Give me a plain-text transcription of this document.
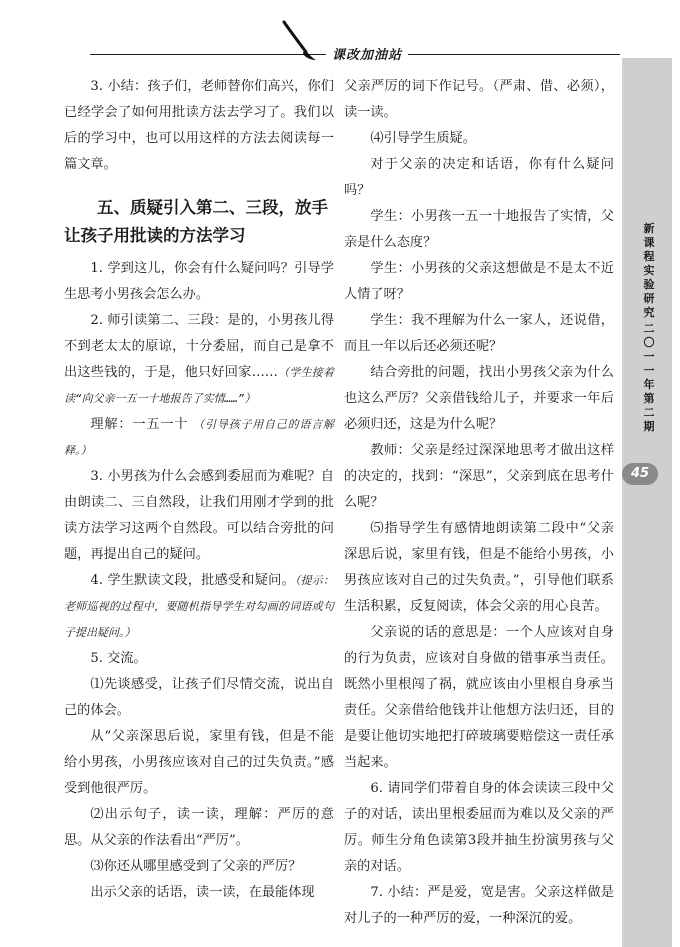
课改加油站
新课程实验研究
二〇一一年第二期
45

3. 小结：孩子们，老师替你们高兴，你们已经学会了如何用批读方法去学习了。我们以后的学习中，也可以用这样的方法去阅读每一篇文章。

五、质疑引入第二、三段，放手让孩子用批读的方法学习

1. 学到这儿，你会有什么疑问吗？引导学生思考小男孩会怎么办。

2. 师引读第二、三段：是的，小男孩儿得不到老太太的原谅，十分委屈，而自己是拿不出这些钱的，于是，他只好回家……（学生接着读“向父亲一五一十地报告了实情……”）

理解：一五一十 （引导孩子用自己的语言解释。）

3. 小男孩为什么会感到委屈而为难呢？自由朗读二、三自然段，让我们用刚才学到的批读方法学习这两个自然段。可以结合旁批的问题，再提出自己的疑问。

4. 学生默读文段，批感受和疑问。（提示：老师巡视的过程中，要随机指导学生对勾画的词语或句子提出疑问。）

5. 交流。

⑴先谈感受，让孩子们尽情交流，说出自己的体会。

从“父亲深思后说，家里有钱，但是不能给小男孩，小男孩应该对自己的过失负责。”感受到他很严厉。

⑵出示句子，读一读，理解：严厉的意思。从父亲的作法看出“严厉”。

⑶你还从哪里感受到了父亲的严厉？

出示父亲的话语，读一读，在最能体现

父亲严厉的词下作记号。（严肃、借、必须），读一读。

⑷引导学生质疑。

对于父亲的决定和话语，你有什么疑问吗？

学生：小男孩一五一十地报告了实情，父亲是什么态度？

学生：小男孩的父亲这想做是不是太不近人情了呀？

学生：我不理解为什么一家人，还说借，而且一年以后还必须还呢？

结合旁批的问题，找出小男孩父亲为什么也这么严厉？父亲借钱给儿子，并要求一年后必须归还，这是为什么呢？

教师：父亲是经过深深地思考才做出这样的决定的，找到：“深思”，父亲到底在思考什么呢？

⑸指导学生有感情地朗读第二段中“父亲深思后说，家里有钱，但是不能给小男孩，小男孩应该对自己的过失负责。”，引导他们联系生活积累，反复阅读，体会父亲的用心良苦。

父亲说的话的意思是：一个人应该对自身的行为负责，应该对自身做的错事承当责任。既然小里根闯了祸，就应该由小里根自身承当责任。父亲借给他钱并让他想方法归还，目的是要让他切实地把打碎玻璃要赔偿这一责任承当起来。

6. 请同学们带着自身的体会读读三段中父子的对话，读出里根委屈而为难以及父亲的严厉。师生分角色读第3段并抽生扮演男孩与父亲的对话。

7. 小结：严是爱，宽是害。父亲这样做是对儿子的一种严厉的爱，一种深沉的爱。
